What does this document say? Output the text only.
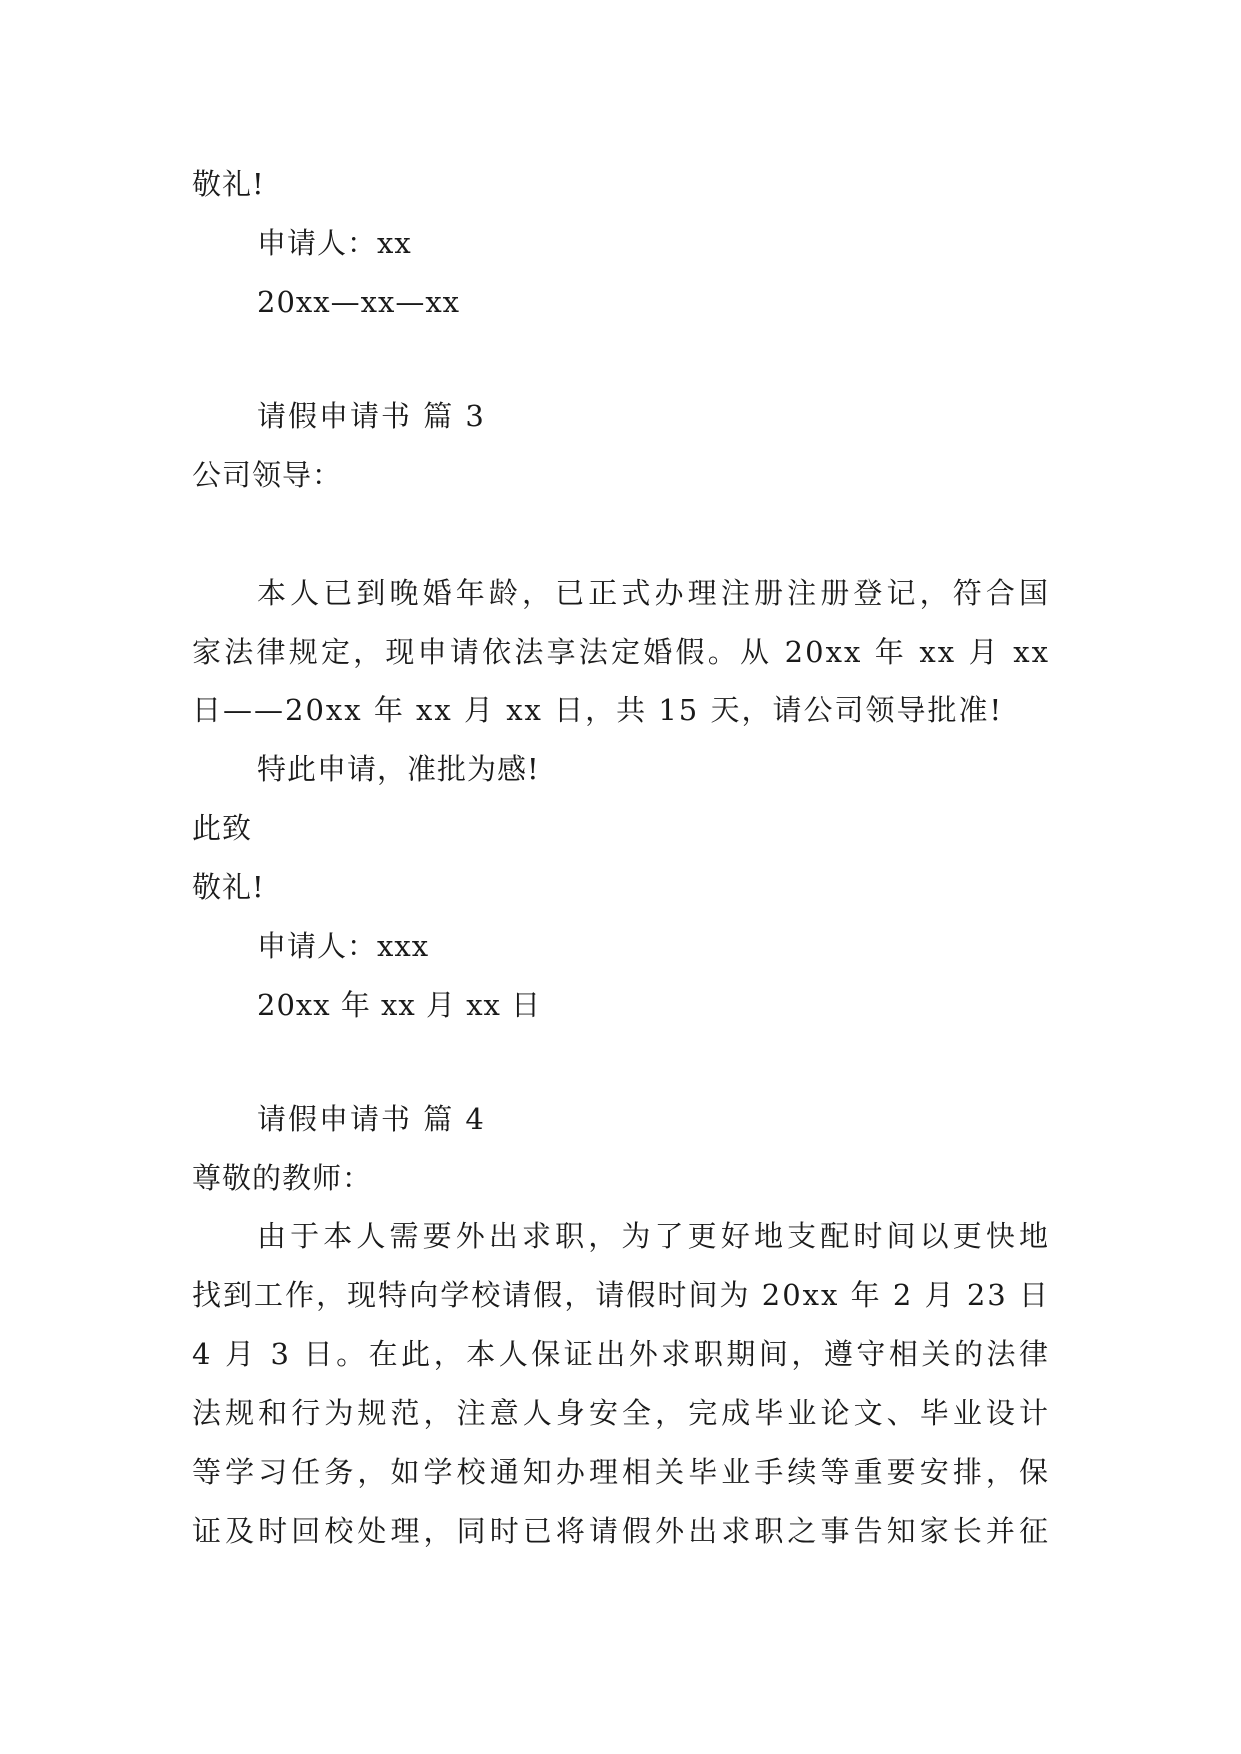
敬礼!

申请人：xx

20xx—xx—xx

请假申请书 篇 3

公司领导：

本人已到晚婚年龄，已正式办理注册注册登记，符合国

家法律规定，现申请依法享法定婚假。从 20xx 年 xx 月 xx

日——20xx 年 xx 月 xx 日，共 15 天，请公司领导批准!

特此申请，准批为感!

此致

敬礼!

申请人：xxx

20xx 年 xx 月 xx 日

请假申请书 篇 4

尊敬的教师：

由于本人需要外出求职，为了更好地支配时间以更快地

找到工作，现特向学校请假，请假时间为 20xx 年 2 月 23 日

4 月 3 日。在此，本人保证出外求职期间，遵守相关的法律

法规和行为规范，注意人身安全，完成毕业论文、毕业设计

等学习任务，如学校通知办理相关毕业手续等重要安排，保

证及时回校处理，同时已将请假外出求职之事告知家长并征
